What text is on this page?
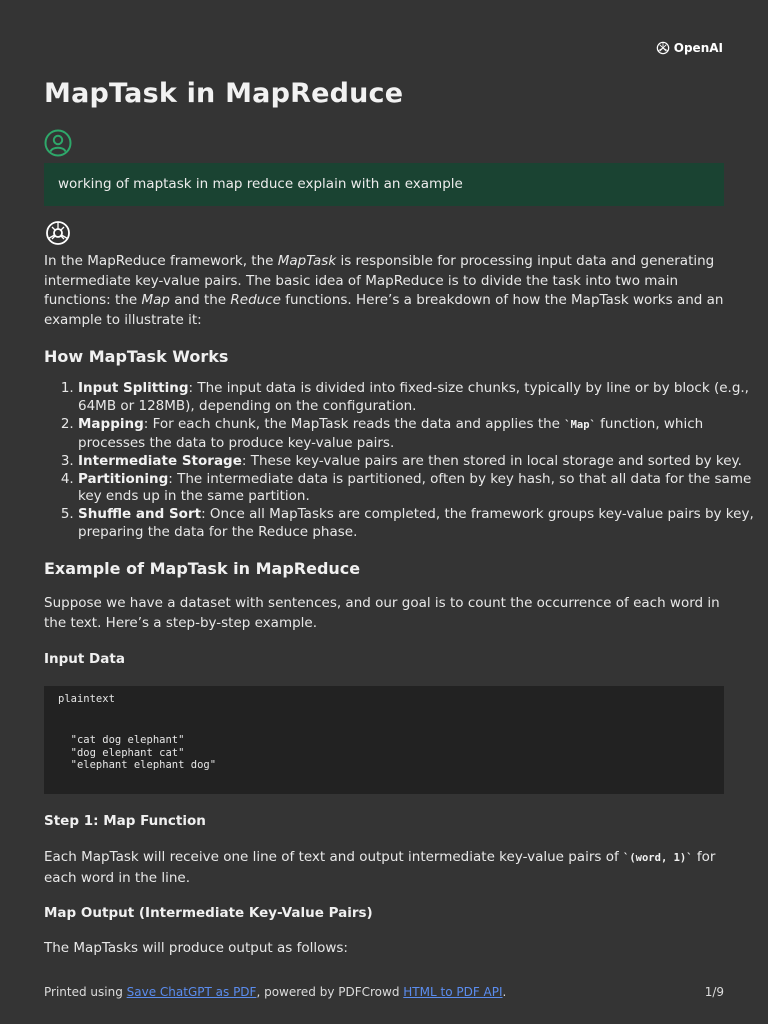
OpenAI
MapTask in MapReduce
working of maptask in map reduce explain with an example
In the MapReduce framework, the MapTask is responsible for processing input data and generating intermediate key-value pairs. The basic idea of MapReduce is to divide the task into two main functions: the Map and the Reduce functions. Here’s a breakdown of how the MapTask works and an example to illustrate it:
How MapTask Works
1. Input Splitting: The input data is divided into fixed-size chunks, typically by line or by block (e.g., 64MB or 128MB), depending on the configuration.
2. Mapping: For each chunk, the MapTask reads the data and applies the `Map` function, which processes the data to produce key-value pairs.
3. Intermediate Storage: These key-value pairs are then stored in local storage and sorted by key.
4. Partitioning: The intermediate data is partitioned, often by key hash, so that all data for the same key ends up in the same partition.
5. Shuffle and Sort: Once all MapTasks are completed, the framework groups key-value pairs by key, preparing the data for the Reduce phase.
Example of MapTask in MapReduce
Suppose we have a dataset with sentences, and our goal is to count the occurrence of each word in the text. Here’s a step-by-step example.
Input Data
plaintext
"cat dog elephant"
"dog elephant cat"
"elephant elephant dog"
Step 1: Map Function
Each MapTask will receive one line of text and output intermediate key-value pairs of `(word, 1)` for each word in the line.
Map Output (Intermediate Key-Value Pairs)
The MapTasks will produce output as follows:
Printed using Save ChatGPT as PDF, powered by PDFCrowd HTML to PDF API.	1/9
